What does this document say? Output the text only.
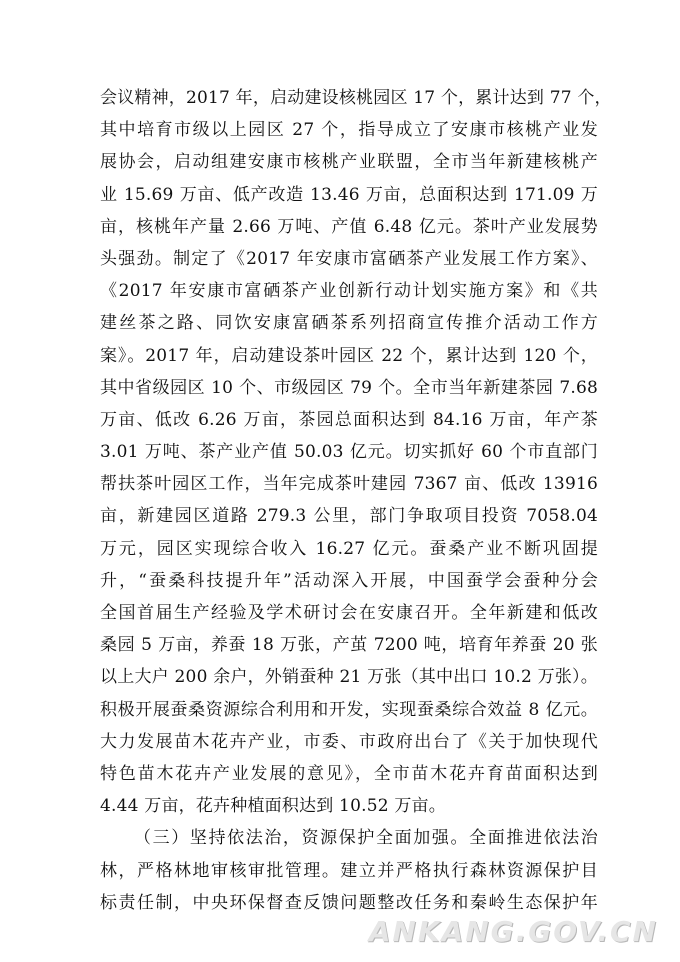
会议精神，2017 年，启动建设核桃园区 17 个，累计达到 77 个，
其中培育市级以上园区 27 个，指导成立了安康市核桃产业发
展协会，启动组建安康市核桃产业联盟，全市当年新建核桃产
业 15.69 万亩、低产改造 13.46 万亩，总面积达到 171.09 万
亩，核桃年产量 2.66 万吨、产值 6.48 亿元。茶叶产业发展势
头强劲。制定了《2017 年安康市富硒茶产业发展工作方案》、
《2017 年安康市富硒茶产业创新行动计划实施方案》和《共
建丝茶之路、同饮安康富硒茶系列招商宣传推介活动工作方
案》。2017 年，启动建设茶叶园区 22 个，累计达到 120 个，
其中省级园区 10 个、市级园区 79 个。全市当年新建茶园 7.68
万亩、低改 6.26 万亩，茶园总面积达到 84.16 万亩，年产茶
3.01 万吨、茶产业产值 50.03 亿元。切实抓好 60 个市直部门
帮扶茶叶园区工作，当年完成茶叶建园 7367 亩、低改 13916
亩，新建园区道路 279.3 公里，部门争取项目投资 7058.04
万元，园区实现综合收入 16.27 亿元。蚕桑产业不断巩固提
升，“蚕桑科技提升年”活动深入开展，中国蚕学会蚕种分会
全国首届生产经验及学术研讨会在安康召开。全年新建和低改
桑园 5 万亩，养蚕 18 万张，产茧 7200 吨，培育年养蚕 20 张
以上大户 200 余户，外销蚕种 21 万张（其中出口 10.2 万张）。
积极开展蚕桑资源综合利用和开发，实现蚕桑综合效益 8 亿元。
大力发展苗木花卉产业，市委、市政府出台了《关于加快现代
特色苗木花卉产业发展的意见》，全市苗木花卉育苗面积达到
4.44 万亩，花卉种植面积达到 10.52 万亩。
（三）坚持依法治，资源保护全面加强。全面推进依法治
林，严格林地审核审批管理。建立并严格执行森林资源保护目
标责任制，中央环保督查反馈问题整改任务和秦岭生态保护年
ANKANG.GOV.CN
